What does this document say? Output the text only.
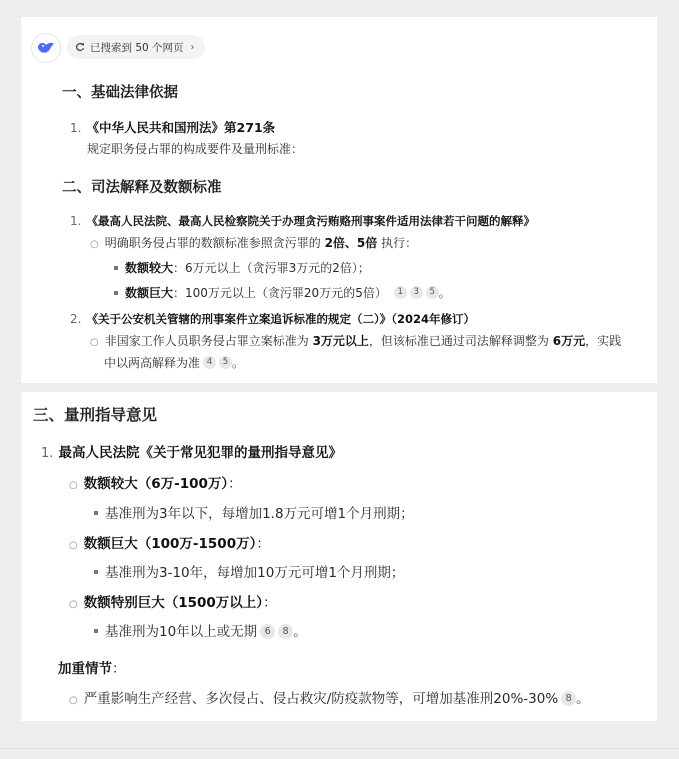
已搜索到 50 个网页 ›
一、基础法律依据
1. 《中华人民共和国刑法》第271条
规定职务侵占罪的构成要件及量刑标准：
二、司法解释及数额标准
1. 《最高人民法院、最高人民检察院关于办理贪污贿赂刑事案件适用法律若干问题的解释》
○ 明确职务侵占罪的数额标准参照贪污罪的 2倍、5倍 执行：
数额较大：6万元以上（贪污罪3万元的2倍）；
数额巨大：100万元以上（贪污罪20万元的5倍） 1 3 5 。
2. 《关于公安机关管辖的刑事案件立案追诉标准的规定（二）》（2024年修订）
○ 非国家工作人员职务侵占罪立案标准为 3万元以上，但该标准已通过司法解释调整为 6万元，实践
中以两高解释为准 4 5 。
三、量刑指导意见
1. 最高人民法院《关于常见犯罪的量刑指导意见》
○ 数额较大（6万-100万）：
基准刑为3年以下，每增加1.8万元可增1个月刑期；
○ 数额巨大（100万-1500万）：
基准刑为3-10年，每增加10万元可增1个月刑期；
○ 数额特别巨大（1500万以上）：
基准刑为10年以上或无期 6 8 。
加重情节：
○ 严重影响生产经营、多次侵占、侵占救灾/防疫款物等，可增加基准刑20%-30% 8 。
